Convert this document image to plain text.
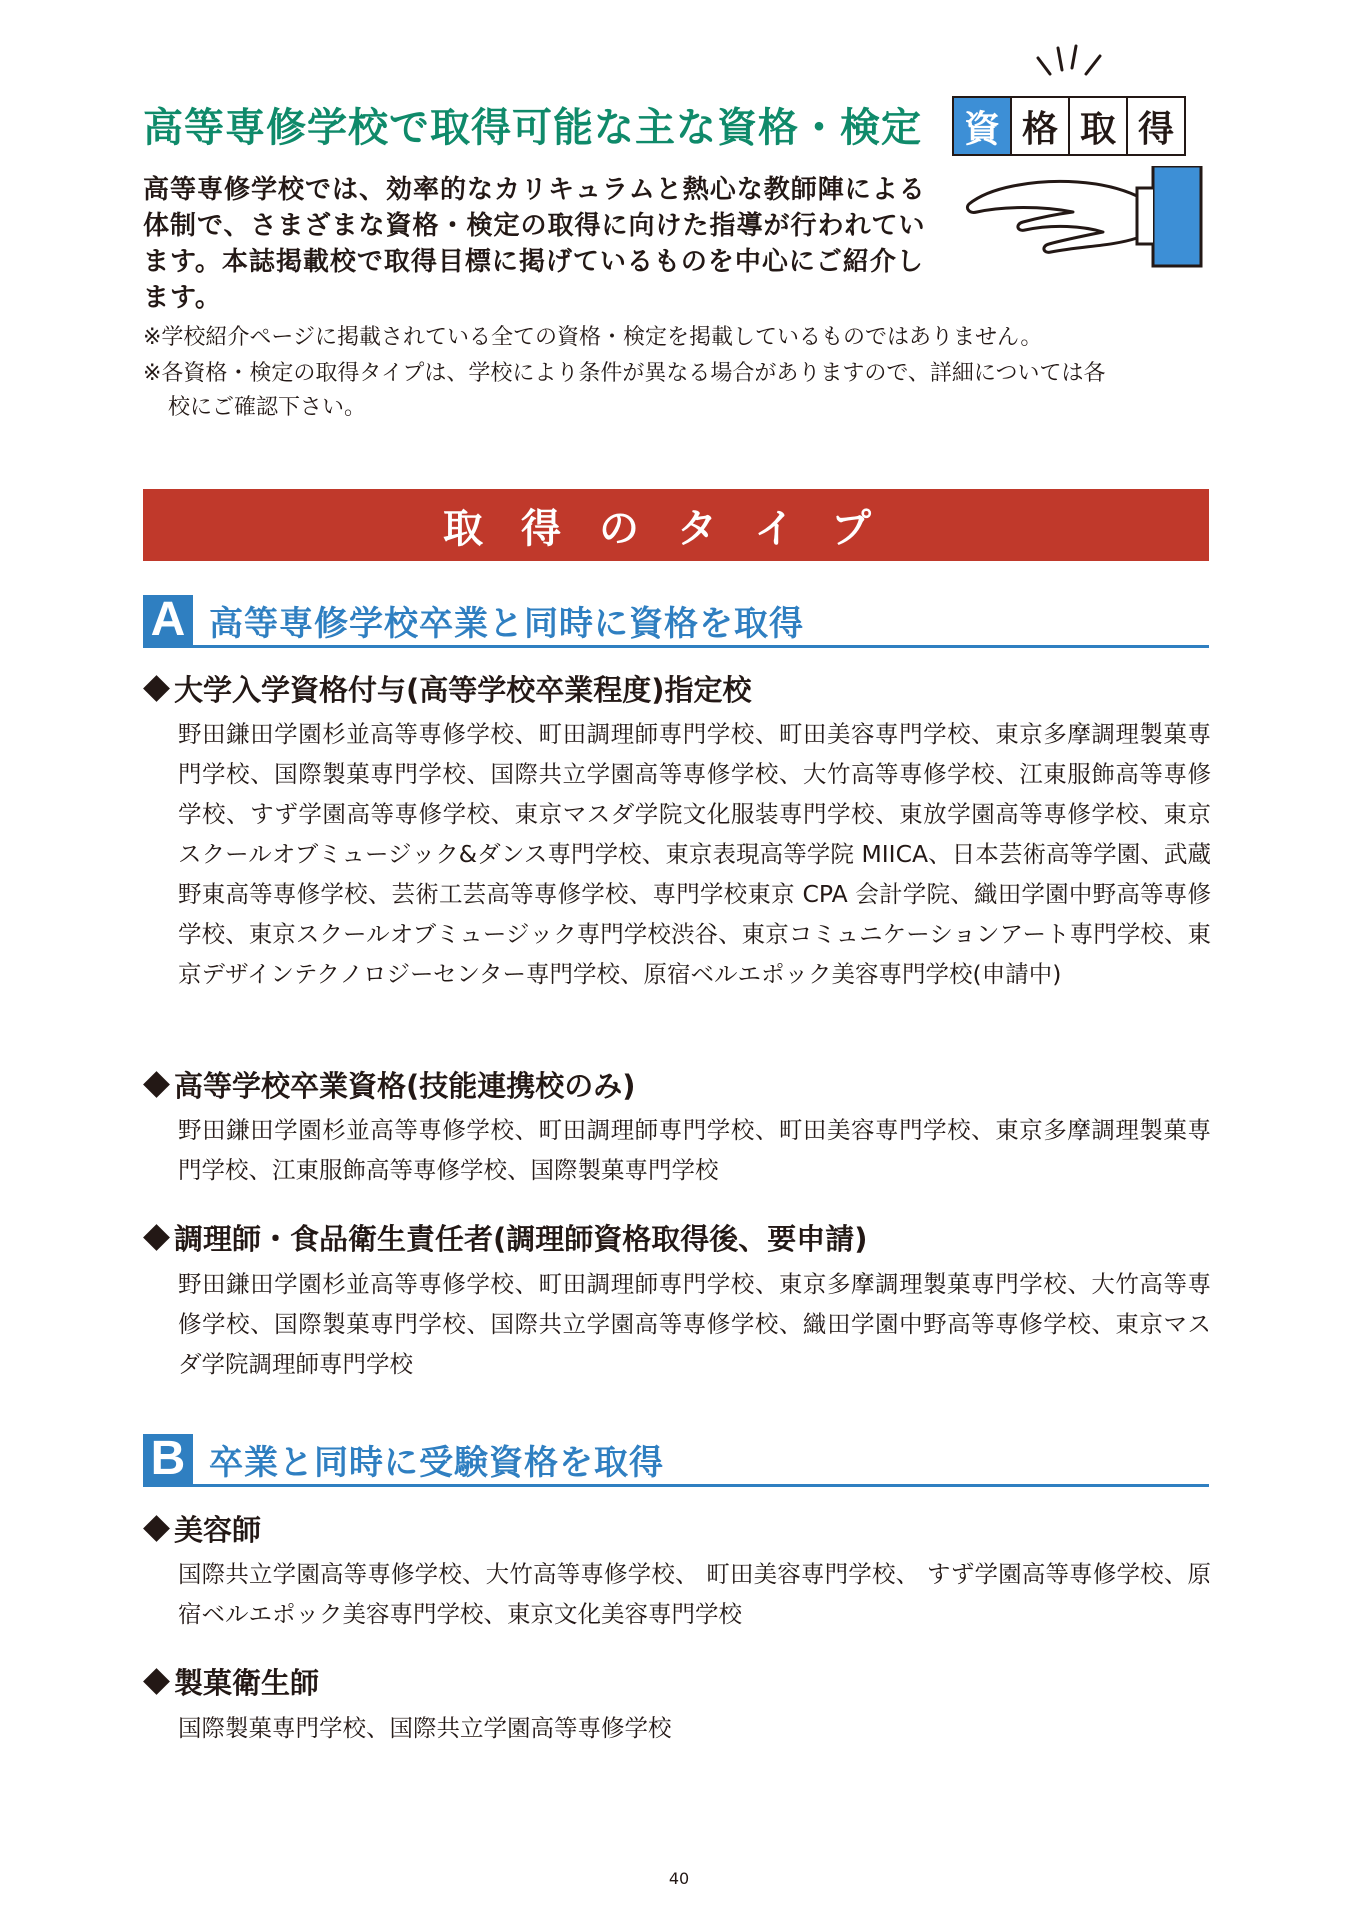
高等専修学校で取得可能な主な資格・検定	資 格 取 得

高等専修学校では、効率的なカリキュラムと熱心な教師陣による体制で、さまざまな資格・検定の取得に向けた指導が行われています。本誌掲載校で取得目標に掲げているものを中心にご紹介します。

※学校紹介ページに掲載されている全ての資格・検定を掲載しているものではありません。

※各資格・検定の取得タイプは、学校により条件が異なる場合がありますので、詳細については各

校にご確認下さい。

取得のタイプ
A 高等専修学校卒業と同時に資格を取得
大学入学資格付与(高等学校卒業程度)指定校

野田鎌田学園杉並高等専修学校、町田調理師専門学校、町田美容専門学校、東京多摩調理製菓専門学校、国際製菓専門学校、国際共立学園高等専修学校、大竹高等専修学校、江東服飾高等専修学校、すず学園高等専修学校、東京マスダ学院文化服装専門学校、東放学園高等専修学校、東京スクールオブミュージック&ダンス専門学校、東京表現高等学院 MIICA、日本芸術高等学園、武蔵野東高等専修学校、芸術工芸高等専修学校、専門学校東京 CPA 会計学院、織田学園中野高等専修学校、東京スクールオブミュージック専門学校渋谷、東京コミュニケーションアート専門学校、東京デザインテクノロジーセンター専門学校、原宿ベルエポック美容専門学校(申請中)

高等学校卒業資格(技能連携校のみ)

野田鎌田学園杉並高等専修学校、町田調理師専門学校、町田美容専門学校、東京多摩調理製菓専門学校、江東服飾高等専修学校、国際製菓専門学校

調理師・食品衛生責任者(調理師資格取得後、要申請)

野田鎌田学園杉並高等専修学校、町田調理師専門学校、東京多摩調理製菓専門学校、大竹高等専修学校、国際製菓専門学校、国際共立学園高等専修学校、織田学園中野高等専修学校、東京マスダ学院調理師専門学校

B 卒業と同時に受験資格を取得
美容師

国際共立学園高等専修学校、大竹高等専修学校、 町田美容専門学校、 すず学園高等専修学校、原宿ベルエポック美容専門学校、東京文化美容専門学校

製菓衛生師

国際製菓専門学校、国際共立学園高等専修学校

40
